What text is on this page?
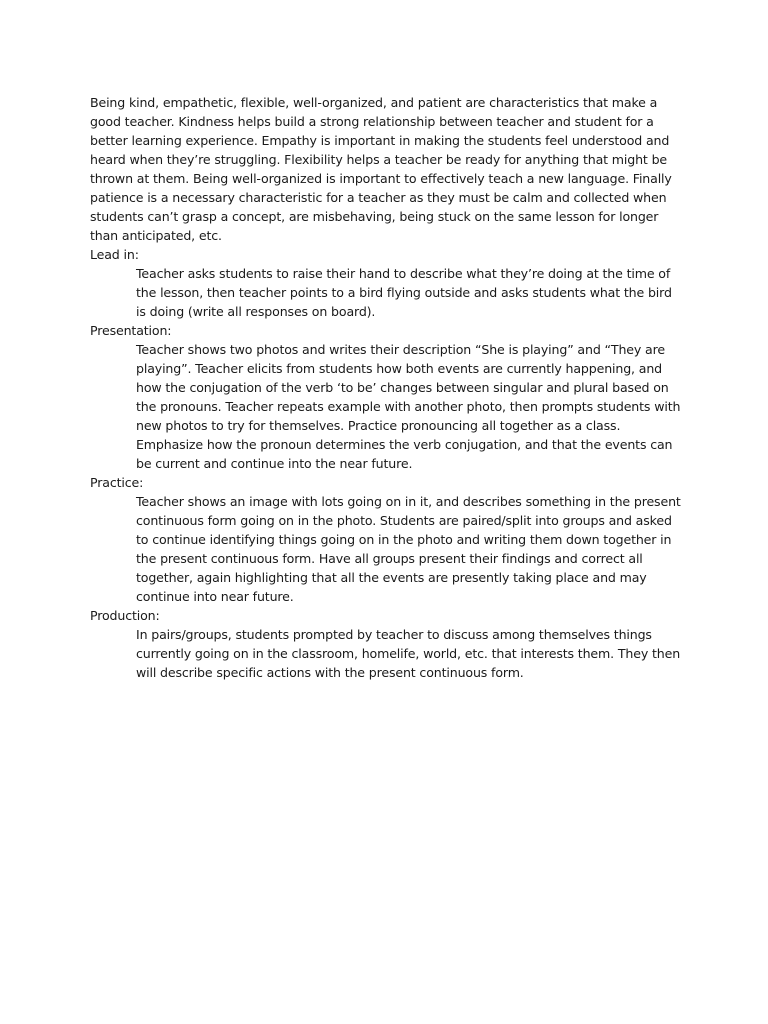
Being kind, empathetic, flexible, well-organized, and patient are characteristics that make a good teacher. Kindness helps build a strong relationship between teacher and student for a better learning experience. Empathy is important in making the students feel understood and heard when they’re struggling. Flexibility helps a teacher be ready for anything that might be thrown at them. Being well-organized is important to effectively teach a new language. Finally patience is a necessary characteristic for a teacher as they must be calm and collected when students can’t grasp a concept, are misbehaving, being stuck on the same lesson for longer than anticipated, etc.

Lead in:

Teacher asks students to raise their hand to describe what they’re doing at the time of the lesson, then teacher points to a bird flying outside and asks students what the bird is doing (write all responses on board).

Presentation:

Teacher shows two photos and writes their description “She is playing” and “They are playing”. Teacher elicits from students how both events are currently happening, and how the conjugation of the verb ‘to be’ changes between singular and plural based on the pronouns. Teacher repeats example with another photo, then prompts students with new photos to try for themselves. Practice pronouncing all together as a class. Emphasize how the pronoun determines the verb conjugation, and that the events can be current and continue into the near future.

Practice:

Teacher shows an image with lots going on in it, and describes something in the present continuous form going on in the photo. Students are paired/split into groups and asked to continue identifying things going on in the photo and writing them down together in the present continuous form. Have all groups present their findings and correct all together, again highlighting that all the events are presently taking place and may continue into near future.

Production:

In pairs/groups, students prompted by teacher to discuss among themselves things currently going on in the classroom, homelife, world, etc. that interests them. They then will describe specific actions with the present continuous form.
